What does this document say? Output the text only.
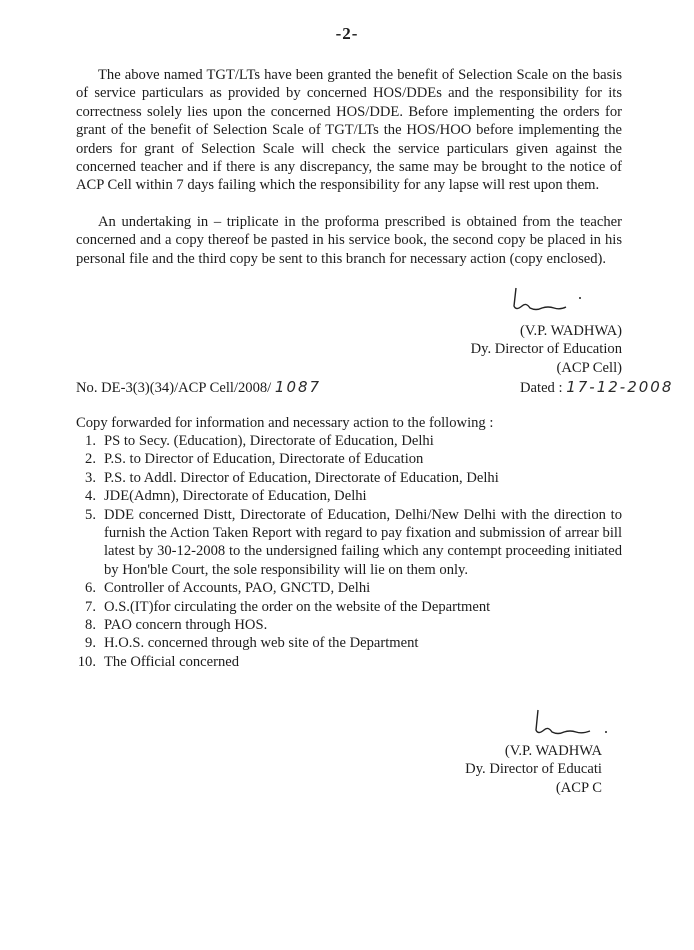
-2-

The above named TGT/LTs have been granted the benefit of Selection Scale on the basis of service particulars as provided by concerned HOS/DDEs and the responsibility for its correctness solely lies upon the concerned HOS/DDE. Before implementing the orders for grant of the benefit of Selection Scale of TGT/LTs the HOS/HOO before implementing the orders for grant of Selection Scale will check the service particulars given against the concerned teacher and if there is any discrepancy, the same may be brought to the notice of ACP Cell within 7 days failing which the responsibility for any lapse will rest upon them.

An undertaking in – triplicate in the proforma prescribed is obtained from the teacher concerned and a copy thereof be pasted in his service book, the second copy be placed in his personal file and the third copy be sent to this branch for necessary action (copy enclosed).

(V.P. WADHWA)
Dy. Director of Education
(ACP Cell)
No. DE-3(3)(34)/ACP Cell/2008/ 1087	Dated : 17-12-2008
Copy forwarded for information and necessary action to the following :
1. PS to Secy. (Education), Directorate of Education, Delhi
2. P.S. to Director of Education, Directorate of Education
3. P.S. to Addl. Director of Education, Directorate of Education, Delhi
4. JDE(Admn), Directorate of Education, Delhi
5. DDE concerned Distt, Directorate of Education, Delhi/New Delhi with the direction to furnish the Action Taken Report with regard to pay fixation and submission of arrear bill latest by 30-12-2008 to the undersigned failing which any contempt proceeding initiated by Hon'ble Court, the sole responsibility will lie on them only.
6. Controller of Accounts, PAO, GNCTD, Delhi
7. O.S.(IT)for circulating the order on the website of the Department
8. PAO concern through HOS.
9. H.O.S. concerned through web site of the Department
10. The Official concerned
(V.P. WADHWA
Dy. Director of Educati
(ACP C
